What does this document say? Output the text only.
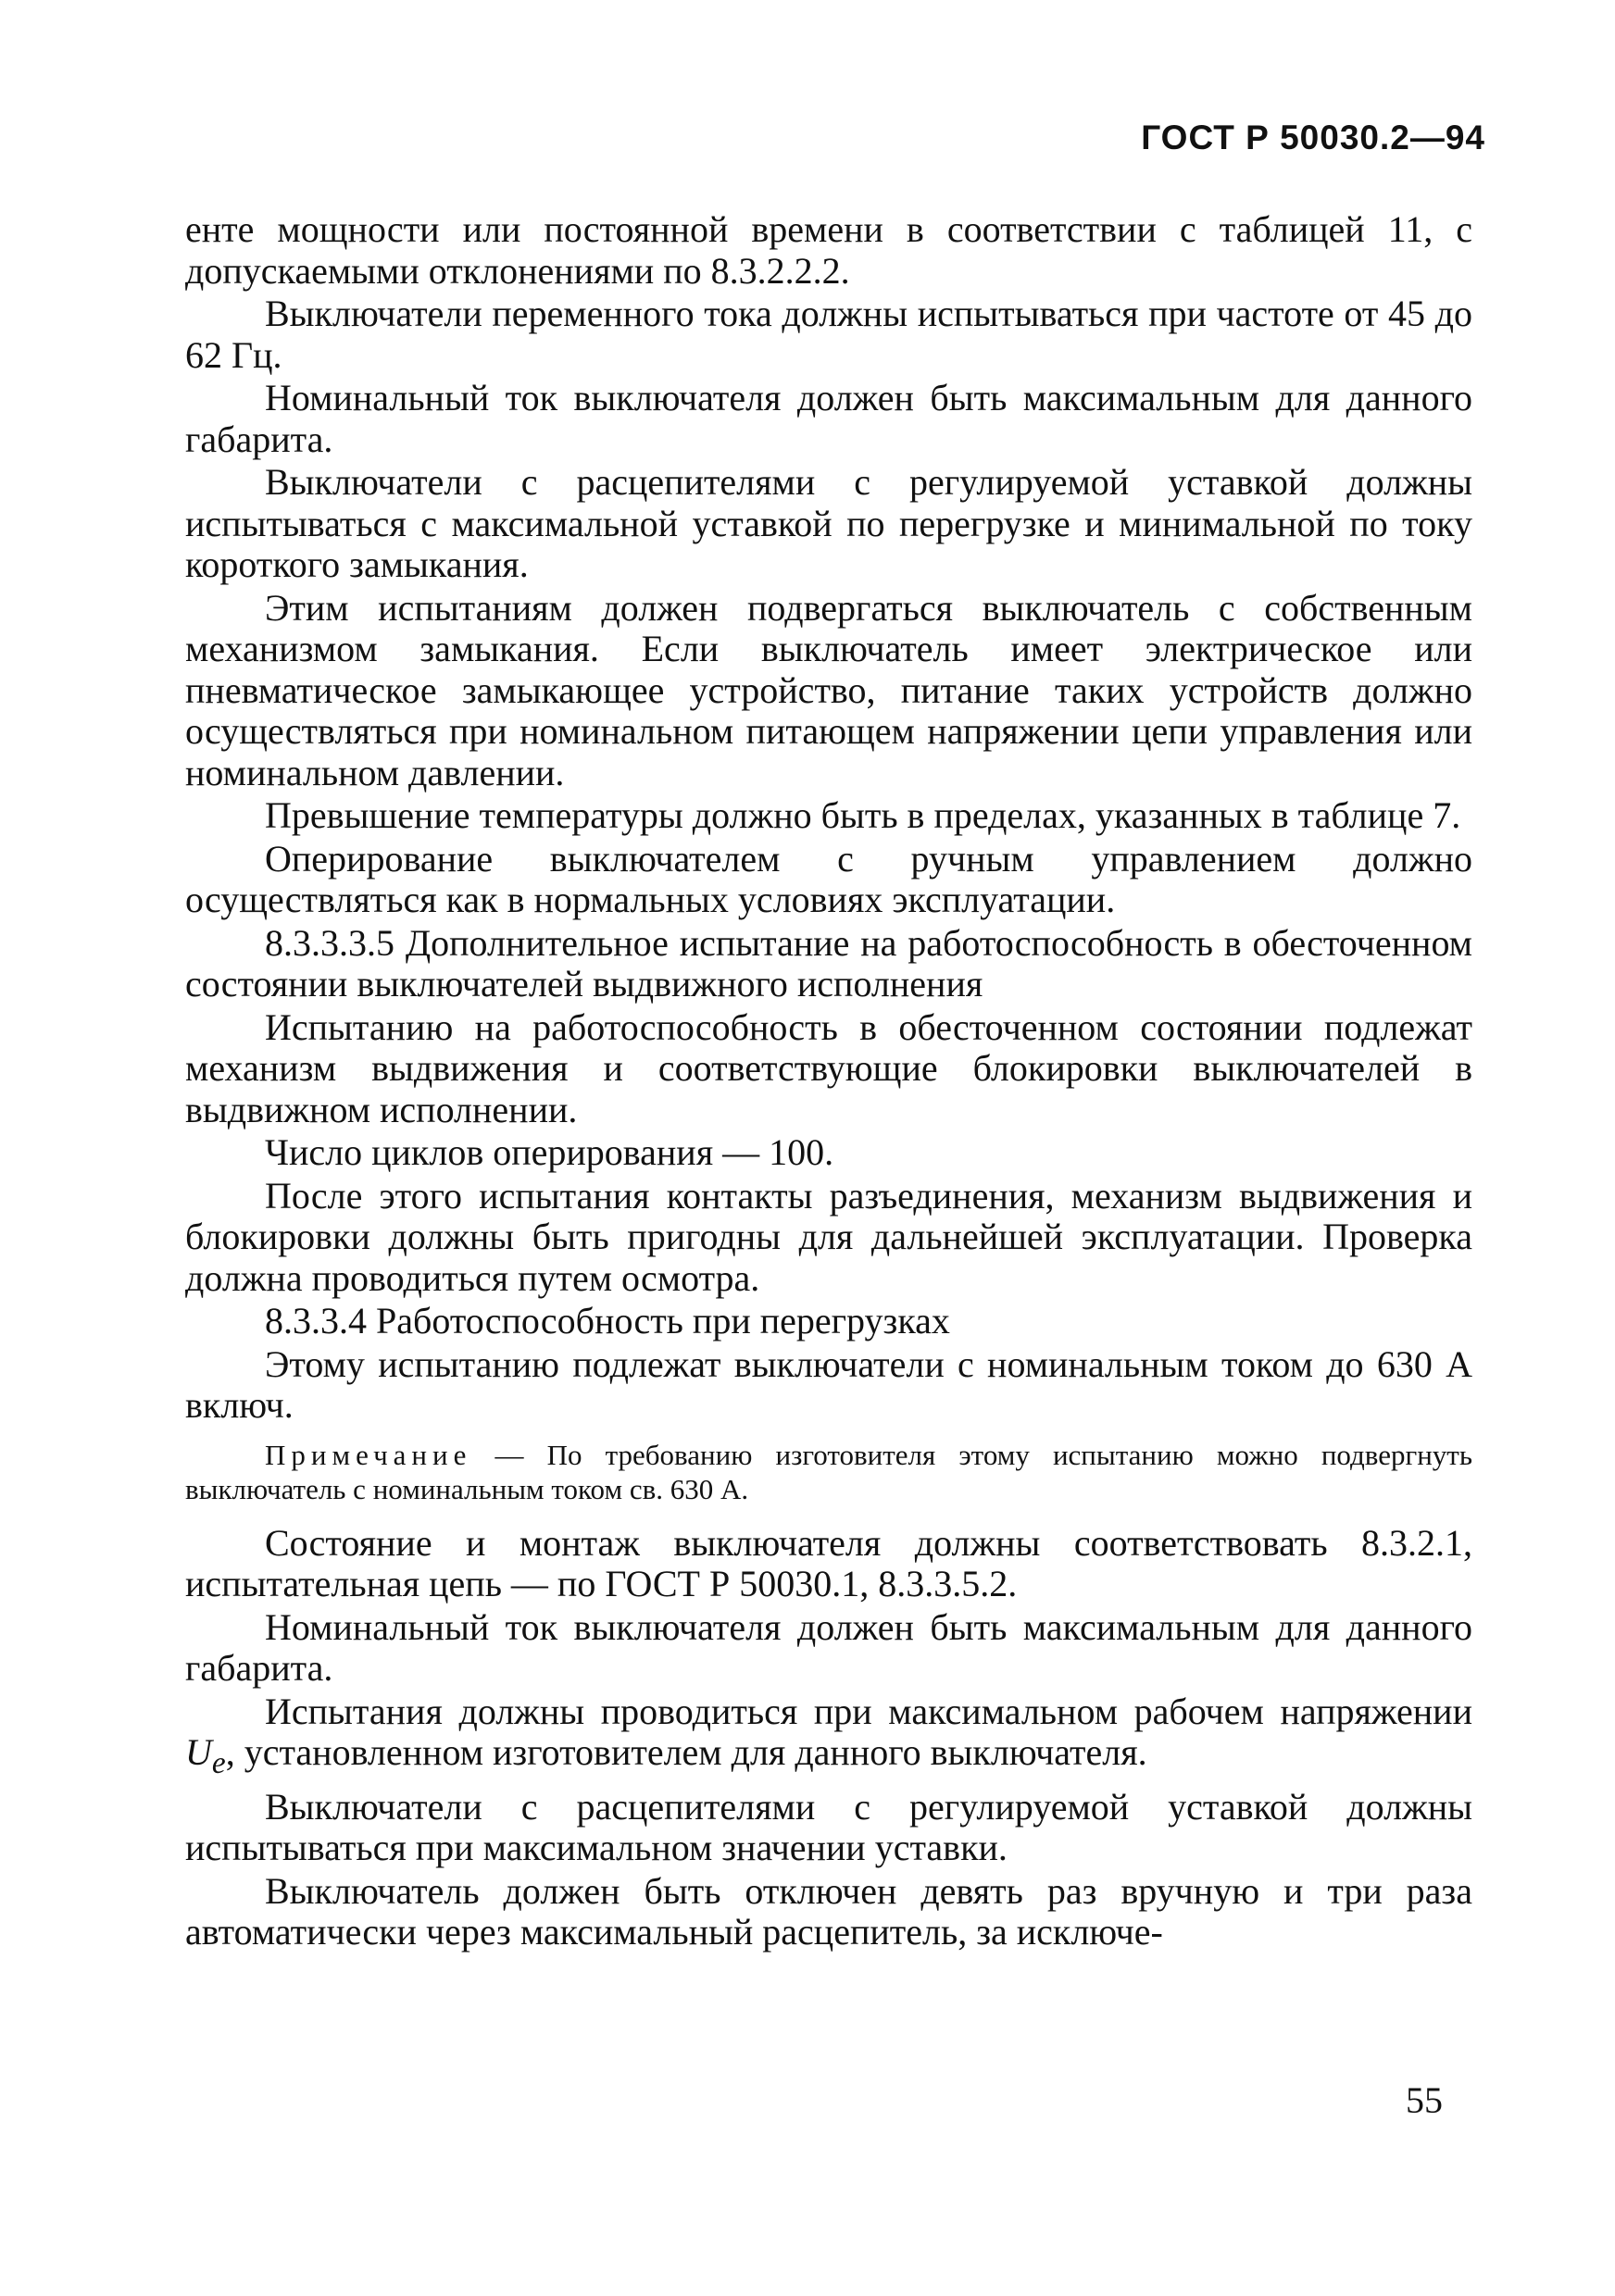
ГОСТ Р 50030.2—94

енте мощности или постоянной времени в соответствии с таблицей 11, с допускаемыми отклонениями по 8.3.2.2.2.

Выключатели переменного тока должны испытываться при частоте от 45 до 62 Гц.

Номинальный ток выключателя должен быть максимальным для данного габарита.

Выключатели с расцепителями с регулируемой уставкой должны испытываться с максимальной уставкой по перегрузке и минимальной по току короткого замыкания.

Этим испытаниям должен подвергаться выключатель с собственным механизмом замыкания. Если выключатель имеет электрическое или пневматическое замыкающее устройство, питание таких устройств должно осуществляться при номинальном питающем напряжении цепи управления или номинальном давлении.

Превышение температуры должно быть в пределах, указанных в таблице 7.

Оперирование выключателем с ручным управлением должно осуществляться как в нормальных условиях эксплуатации.

8.3.3.3.5 Дополнительное испытание на работоспособность в обесточенном состоянии выключателей выдвижного исполнения

Испытанию на работоспособность в обесточенном состоянии подлежат механизм выдвижения и соответствующие блокировки выключателей в выдвижном исполнении.

Число циклов оперирования — 100.

После этого испытания контакты разъединения, механизм выдвижения и блокировки должны быть пригодны для дальнейшей эксплуатации. Проверка должна проводиться путем осмотра.

8.3.3.4 Работоспособность при перегрузках

Этому испытанию подлежат выключатели с номинальным током до 630 А включ.

Примечание — По требованию изготовителя этому испытанию можно подвергнуть выключатель с номинальным током св. 630 А.

Состояние и монтаж выключателя должны соответствовать 8.3.2.1, испытательная цепь — по ГОСТ Р 50030.1, 8.3.3.5.2.

Номинальный ток выключателя должен быть максимальным для данного габарита.

Испытания должны проводиться при максимальном рабочем напряжении $U_e$, установленном изготовителем для данного выключателя.

Выключатели с расцепителями с регулируемой уставкой должны испытываться при максимальном значении уставки.

Выключатель должен быть отключен девять раз вручную и три раза автоматически через максимальный расцепитель, за исключе-

55
